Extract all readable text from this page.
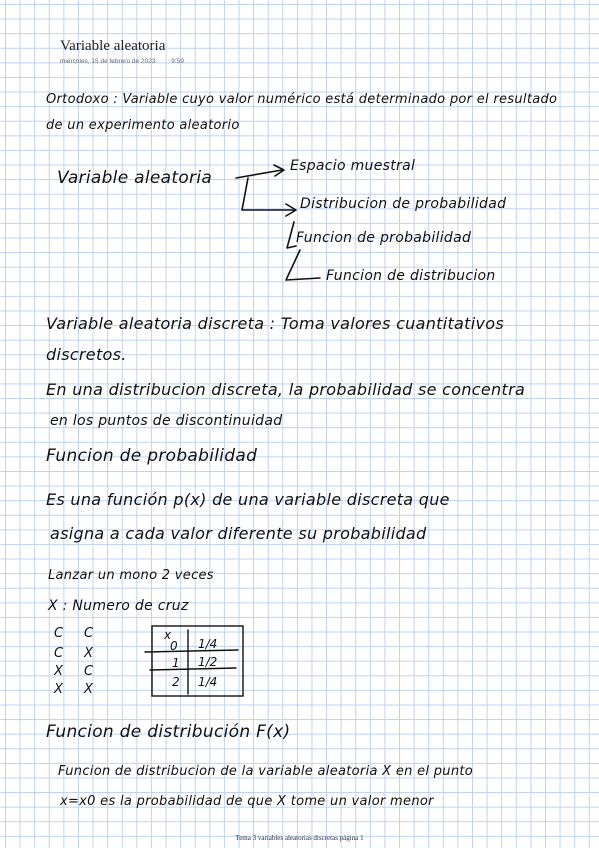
Variable aleatoria
miércoles, 15 de febrero de 2023 9:59
Ortodoxo : Variable cuyo valor numérico está determinado por el resultado
de un experimento aleatorio
Variable aleatoria
Espacio muestral
Distribucion de probabilidad
Funcion de probabilidad
Funcion de distribucion
Variable aleatoria discreta : Toma valores cuantitativos
discretos.
En una distribucion discreta, la probabilidad se concentra
en los puntos de discontinuidad
Funcion de probabilidad
Es una función p(x) de una variable discreta que
asigna a cada valor diferente su probabilidad
Lanzar un mono 2 veces
X : Numero de cruz
C C
C X
X C
X X
x
0 1/4
1 1/2
2 1/4
Funcion de distribución F(x)
Funcion de distribucion de la variable aleatoria X en el punto
x=x0 es la probabilidad de que X tome un valor menor
Tema 3 variables aleatorias discretas página 1
